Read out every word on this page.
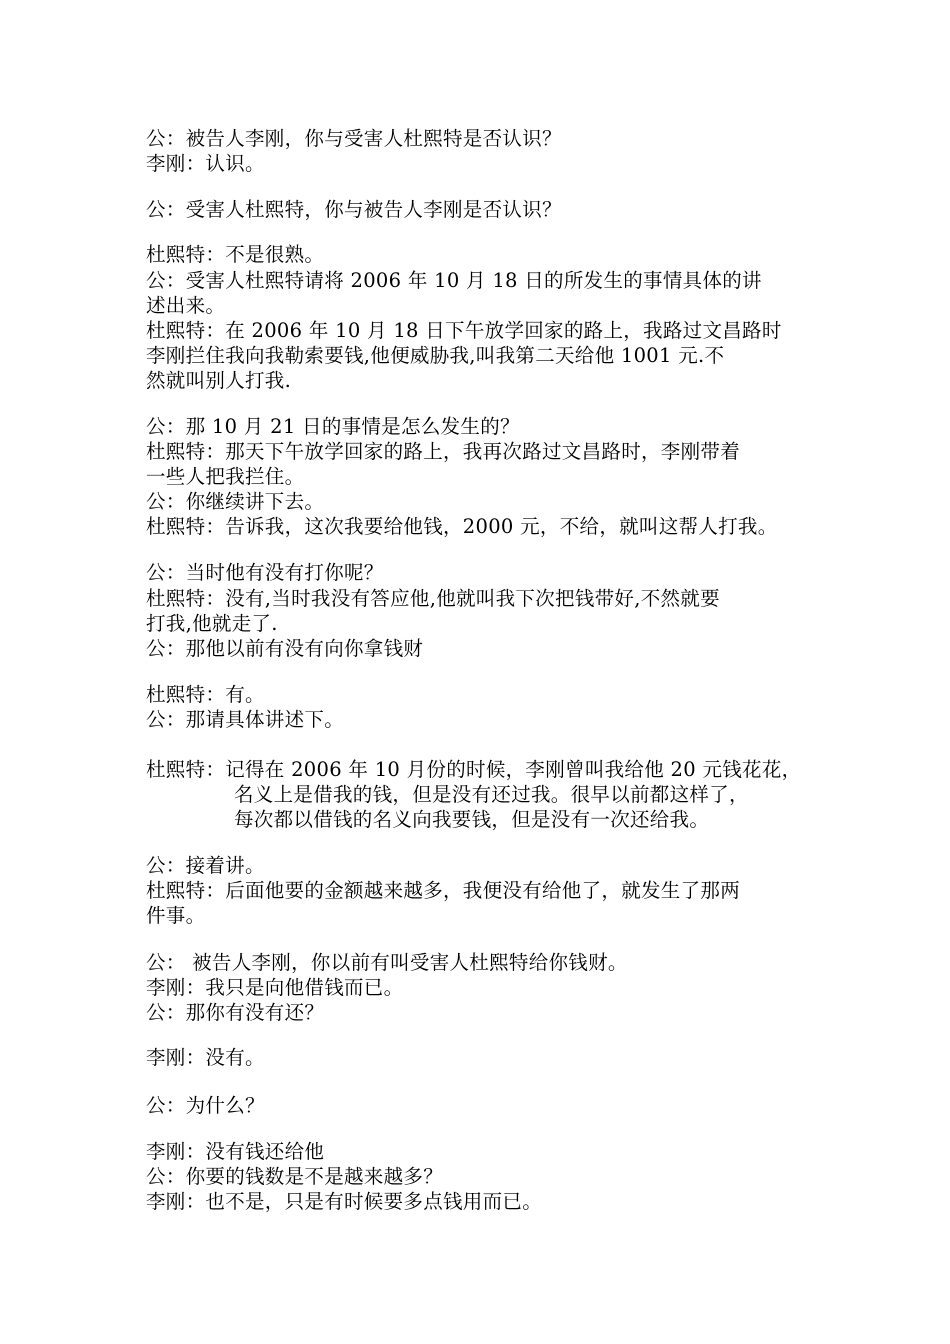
公：被告人李刚，你与受害人杜熙特是否认识？
李刚：认识。
公：受害人杜熙特，你与被告人李刚是否认识？
杜熙特：不是很熟。
公：受害人杜熙特请将 2006 年 10 月 18 日的所发生的事情具体的讲
述出来。
杜熙特：在 2006 年 10 月 18 日下午放学回家的路上，我路过文昌路时
李刚拦住我向我勒索要钱,他便威胁我,叫我第二天给他 1001 元.不
然就叫别人打我.
公：那 10 月 21 日的事情是怎么发生的？
杜熙特：那天下午放学回家的路上，我再次路过文昌路时，李刚带着
一些人把我拦住。
公：你继续讲下去。
杜熙特：告诉我，这次我要给他钱，2000 元，不给，就叫这帮人打我。
公：当时他有没有打你呢？
杜熙特：没有,当时我没有答应他,他就叫我下次把钱带好,不然就要
打我,他就走了.
公：那他以前有没有向你拿钱财
杜熙特：有。
公：那请具体讲述下。
杜熙特：记得在 2006 年 10 月份的时候，李刚曾叫我给他 20 元钱花花，
名义上是借我的钱，但是没有还过我。很早以前都这样了，
每次都以借钱的名义向我要钱，但是没有一次还给我。
公：接着讲。
杜熙特：后面他要的金额越来越多，我便没有给他了，就发生了那两
件事。
公： 被告人李刚，你以前有叫受害人杜熙特给你钱财。
李刚：我只是向他借钱而已。
公：那你有没有还？
李刚：没有。
公：为什么？
李刚：没有钱还给他
公：你要的钱数是不是越来越多？
李刚：也不是，只是有时候要多点钱用而已。
